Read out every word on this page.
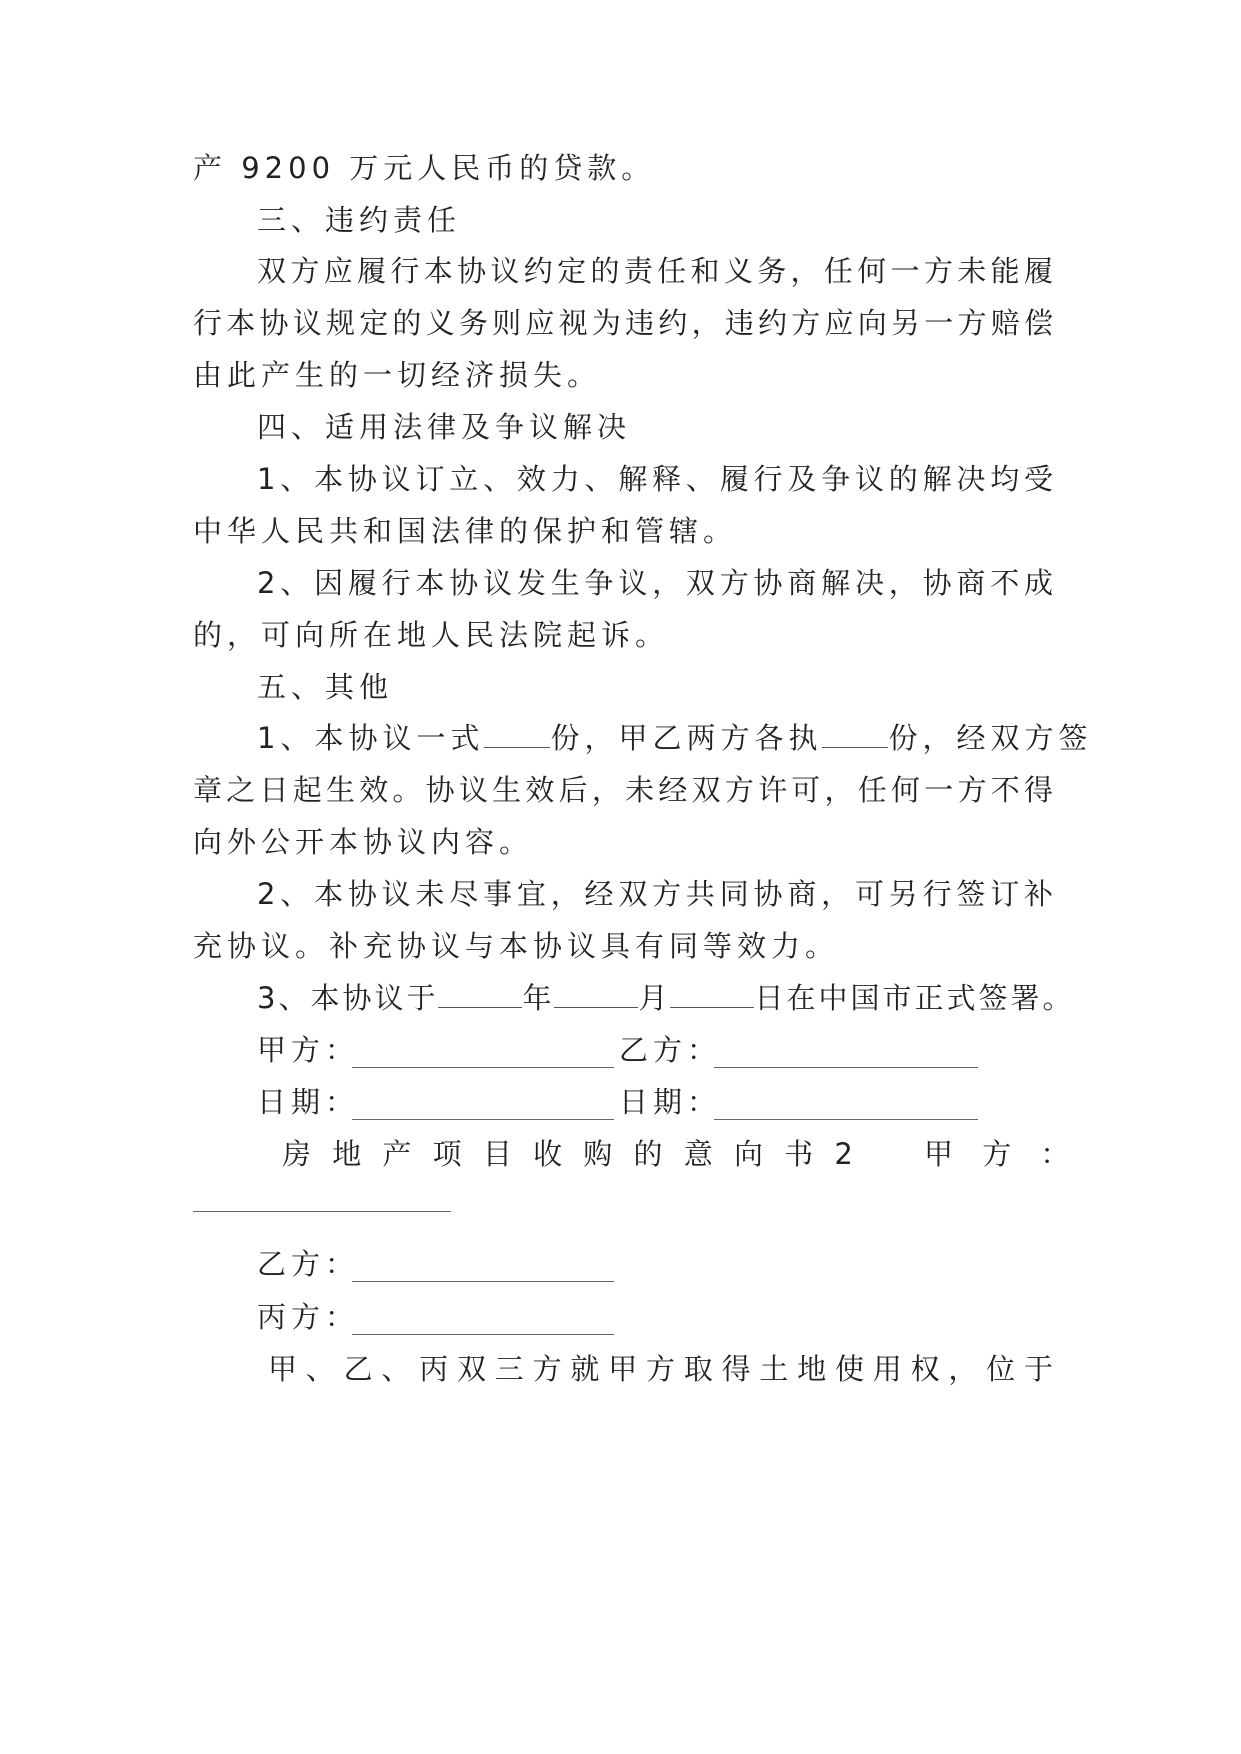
产 9200 万元人民币的贷款。
三、违约责任
双方应履行本协议约定的责任和义务，任何一方未能履
行本协议规定的义务则应视为违约，违约方应向另一方赔偿
由此产生的一切经济损失。
四、适用法律及争议解决
1、本协议订立、效力、解释、履行及争议的解决均受
中华人民共和国法律的保护和管辖。
2、因履行本协议发生争议，双方协商解决，协商不成
的，可向所在地人民法院起诉。
五、其他
1、本协议一式 份，甲乙两方各执 份，经双方签
章之日起生效。协议生效后，未经双方许可，任何一方不得
向外公开本协议内容。
2、本协议未尽事宜，经双方共同协商，可另行签订补
充协议。补充协议与本协议具有同等效力。
3、本协议于	年	月	日在中国市正式签署。
甲方：	乙方：
日期：	日期：
房 地 产 项 目 收 购 的 意 向 书 2 甲 方 ：
乙方：
丙方：
甲、乙、丙双三方就甲方取得土地使用权，位于
